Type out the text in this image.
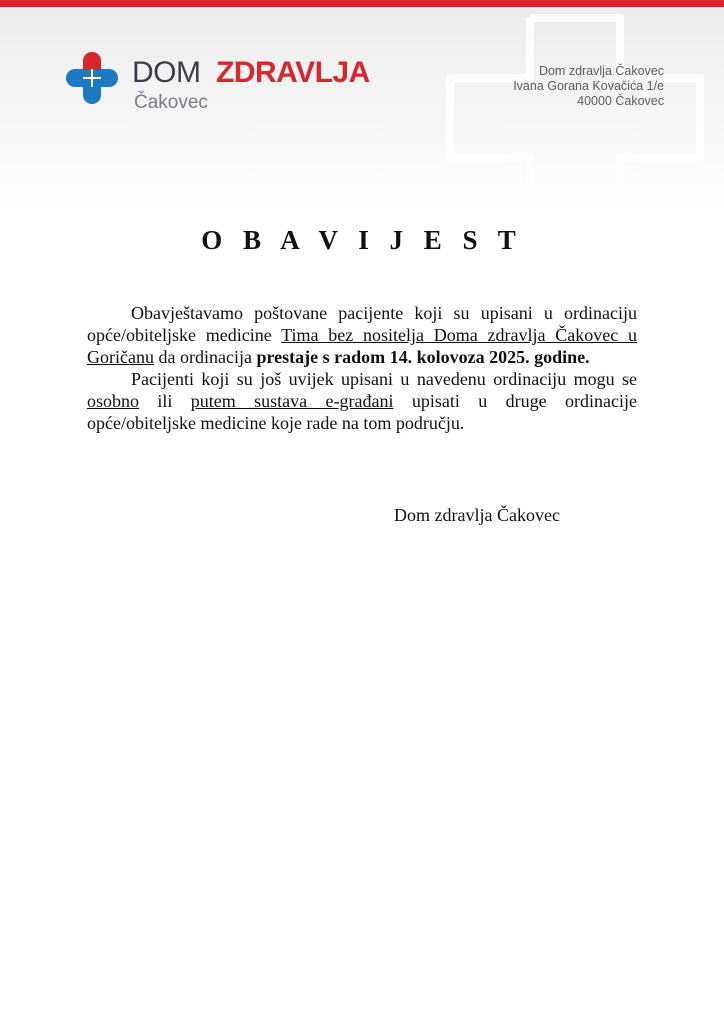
DOM ZDRAVLJA
Čakovec
Dom zdravlja Čakovec
Ivana Gorana Kovačića 1/e
40000 Čakovec
O B A V I J E S T

Obavještavamo poštovane pacijente koji su upisani u ordinaciju opće/obiteljske medicine Tima bez nositelja Doma zdravlja Čakovec u Goričanu da ordinacija prestaje s radom 14. kolovoza 2025. godine.

Pacijenti koji su još uvijek upisani u navedenu ordinaciju mogu se osobno ili putem sustava e-građani upisati u druge ordinacije opće/obiteljske medicine koje rade na tom području.

Dom zdravlja Čakovec
